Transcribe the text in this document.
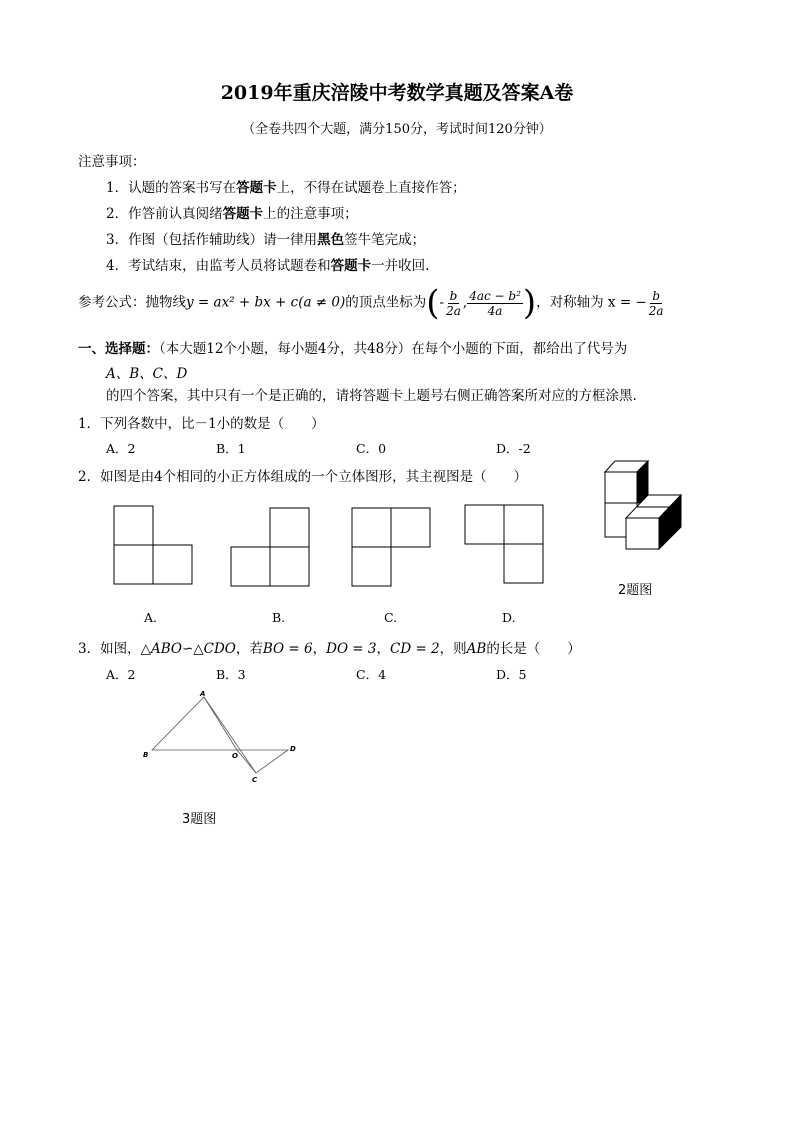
2019年重庆涪陵中考数学真题及答案A卷
（全卷共四个大题，满分150分，考试时间120分钟）
注意事项：
1．认题的答案书写在答题卡上，不得在试题卷上直接作答；
2．作答前认真阅绪答题卡上的注意事项；
3．作图（包括作辅助线）请一律用黑色签牛笔完成；
4．考试结束，由监考人员将试题卷和答题卡一并收回.
参考公式：抛物线y = ax² + bx + c(a ≠ 0)的顶点坐标为(- $\frac{b}{2a}$ , $\frac{\text{4ac − b²}}{4a}$ )，对称轴为 x = − $\frac{b}{2a}$
一、选择题：（本大题12个小题，每小题4分，共48分）在每个小题的下面，都给出了代号为
A、B、C、D
的四个答案，其中只有一个是正确的，请将答题卡上题号右侧正确答案所对应的方框涂黑.
1．下列各数中，比－1小的数是（　　）
A．2	B．1	C．0	D．-2
2．如图是由4个相同的小正方体组成的一个立体图形，其主视图是（　　）
A
B	O
C
D
2题图
A.	B.	C.	D.
3．如图，△ABO∽△CDO，若BO = 6，DO = 3，CD = 2，则AB的长是（　　）
A．2	B．3	C．4	D．5
3题图
